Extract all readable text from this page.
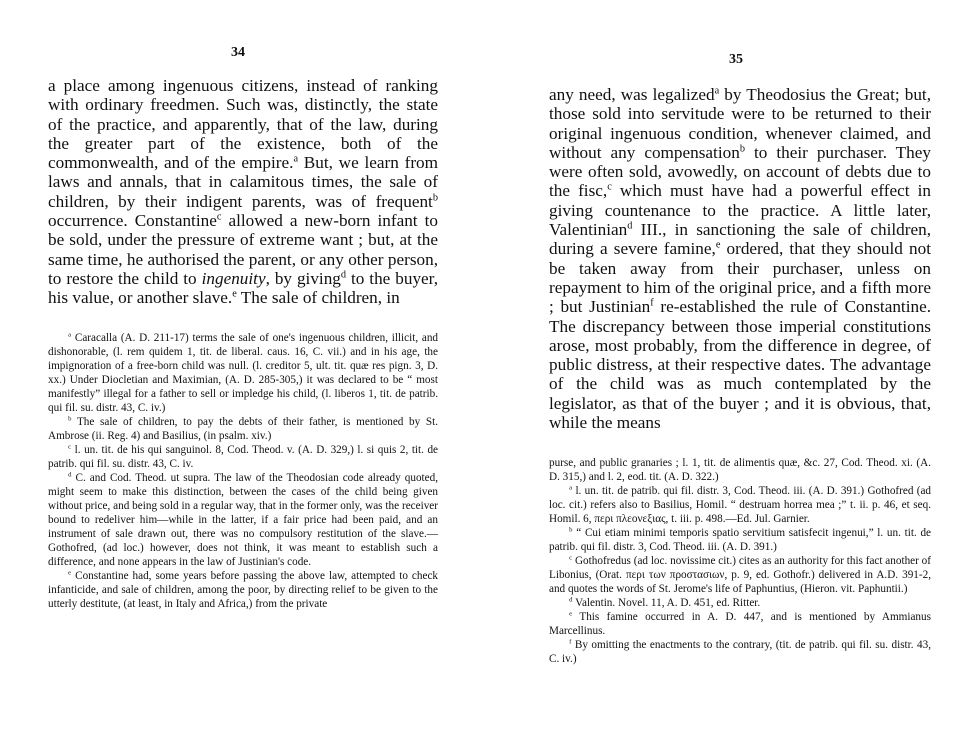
34
a place among ingenuous citizens, instead of ranking with ordinary freedmen. Such was, distinctly, the state of the practice, and apparently, that of the law, during the greater part of the existence, both of the commonwealth, and of the empire.$^a$ But, we learn from laws and annals, that in calamitous times, the sale of children, by their indigent parents, was of frequent$^b$ occurrence. Constantine$^c$ allowed a new-born infant to be sold, under the pressure of extreme want ; but, at the same time, he authorised the parent, or any other person, to restore the child to ingenuity, by giving$^d$ to the buyer, his value, or another slave.$^e$ The sale of children, in

$^a$ Caracalla (A. D. 211-17) terms the sale of one's ingenuous children, illicit, and dishonorable, (l. rem quidem 1, tit. de liberal. caus. 16, C. vii.) and in his age, the impignoration of a free-born child was null. (l. creditor 5, ult. tit. quæ res pign. 3, D. xx.) Under Diocletian and Maximian, (A. D. 285-305,) it was declared to be “ most manifestly” illegal for a father to sell or impledge his child, (l. liberos 1, tit. de patrib. qui fil. su. distr. 43, C. iv.)

$^b$ The sale of children, to pay the debts of their father, is mentioned by St. Ambrose (ii. Reg. 4) and Basilius, (in psalm. xiv.)

$^c$ l. un. tit. de his qui sanguinol. 8, Cod. Theod. v. (A. D. 329,) l. si quis 2, tit. de patrib. qui fil. su. distr. 43, C. iv.

$^d$ C. and Cod. Theod. ut supra. The law of the Theodosian code already quoted, might seem to make this distinction, between the cases of the child being given without price, and being sold in a regular way, that in the former only, was the receiver bound to redeliver him—while in the latter, if a fair price had been paid, and an instrument of sale drawn out, there was no compulsory restitution of the slave.—Gothofred, (ad loc.) however, does not think, it was meant to establish such a difference, and none appears in the law of Justinian's code.

$^e$ Constantine had, some years before passing the above law, attempted to check infanticide, and sale of children, among the poor, by directing relief to be given to the utterly destitute, (at least, in Italy and Africa,) from the private

35
any need, was legalized$^a$ by Theodosius the Great; but, those sold into servitude were to be returned to their original ingenuous condition, whenever claimed, and without any compensation$^b$ to their purchaser. They were often sold, avowedly, on account of debts due to the fisc,$^c$ which must have had a powerful effect in giving countenance to the practice. A little later, Valentinian$^d$ III., in sanctioning the sale of children, during a severe famine,$^e$ ordered, that they should not be taken away from their purchaser, unless on repayment to him of the original price, and a fifth more ; but Justinian$^f$ re-established the rule of Constantine. The discrepancy between those imperial constitutions arose, most probably, from the difference in degree, of public distress, at their respective dates. The advantage of the child was as much contemplated by the legislator, as that of the buyer ; and it is obvious, that, while the means

purse, and public granaries ; l. 1, tit. de alimentis quæ, &c. 27, Cod. Theod. xi. (A. D. 315,) and l. 2, eod. tit. (A. D. 322.)

$^a$ l. un. tit. de patrib. qui fil. distr. 3, Cod. Theod. iii. (A. D. 391.) Gothofred (ad loc. cit.) refers also to Basilius, Homil. “ destruam horrea mea ;” t. ii. p. 46, et seq. Homil. 6, περι πλεονεξιας, t. iii. p. 498.—Ed. Jul. Garnier.

$^b$ “ Cui etiam minimi temporis spatio servitium satisfecit ingenui,” l. un. tit. de patrib. qui fil. distr. 3, Cod. Theod. iii. (A. D. 391.)

$^c$ Gothofredus (ad loc. novissime cit.) cites as an authority for this fact another of Libonius, (Orat. περι των προστασιων, p. 9, ed. Gothofr.) delivered in A.D. 391-2, and quotes the words of St. Jerome's life of Paphuntius, (Hieron. vit. Paphuntii.)

$^d$ Valentin. Novel. 11, A. D. 451, ed. Ritter.

$^e$ This famine occurred in A. D. 447, and is mentioned by Ammianus Marcellinus.

$^f$ By omitting the enactments to the contrary, (tit. de patrib. qui fil. su. distr. 43, C. iv.)
